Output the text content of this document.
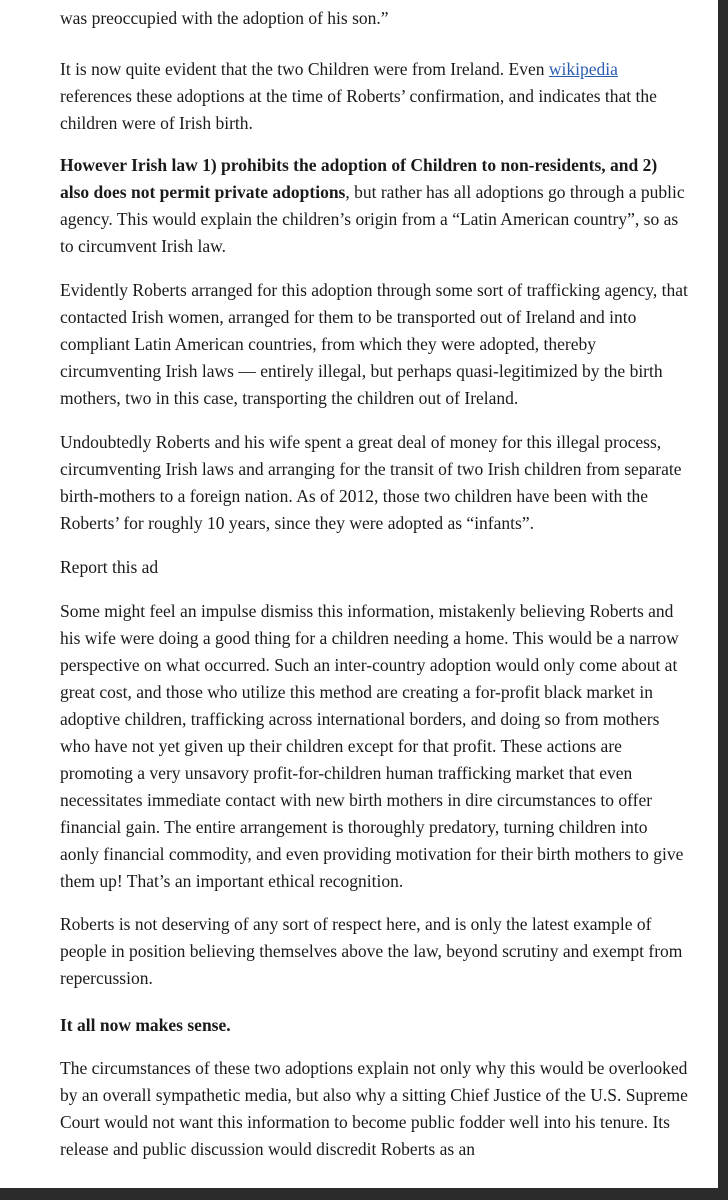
was preoccupied with the adoption of his son.”

It is now quite evident that the two Children were from Ireland. Even wikipedia references these adoptions at the time of Roberts’ confirmation, and indicates that the children were of Irish birth.

However Irish law 1) prohibits the adoption of Children to non-residents, and 2) also does not permit private adoptions, but rather has all adoptions go through a public agency. This would explain the children’s origin from a “Latin American country”, so as to circumvent Irish law.

Evidently Roberts arranged for this adoption through some sort of trafficking agency, that contacted Irish women, arranged for them to be transported out of Ireland and into compliant Latin American countries, from which they were adopted, thereby circumventing Irish laws — entirely illegal, but perhaps quasi-legitimized by the birth mothers, two in this case, transporting the children out of Ireland.

Undoubtedly Roberts and his wife spent a great deal of money for this illegal process, circumventing Irish laws and arranging for the transit of two Irish children from separate birth-mothers to a foreign nation. As of 2012, those two children have been with the Roberts’ for roughly 10 years, since they were adopted as “infants”.

Report this ad

Some might feel an impulse dismiss this information, mistakenly believing Roberts and his wife were doing a good thing for a children needing a home. This would be a narrow perspective on what occurred. Such an inter-country adoption would only come about at great cost, and those who utilize this method are creating a for-profit black market in adoptive children, trafficking across international borders, and doing so from mothers who have not yet given up their children except for that profit. These actions are promoting a very unsavory profit-for-children human trafficking market that even necessitates immediate contact with new birth mothers in dire circumstances to offer financial gain. The entire arrangement is thoroughly predatory, turning children into aonly financial commodity, and even providing motivation for their birth mothers to give them up! That’s an important ethical recognition.

Roberts is not deserving of any sort of respect here, and is only the latest example of people in position believing themselves above the law, beyond scrutiny and exempt from repercussion.

It all now makes sense.

The circumstances of these two adoptions explain not only why this would be overlooked by an overall sympathetic media, but also why a sitting Chief Justice of the U.S. Supreme Court would not want this information to become public fodder well into his tenure. Its release and public discussion would discredit Roberts as an
